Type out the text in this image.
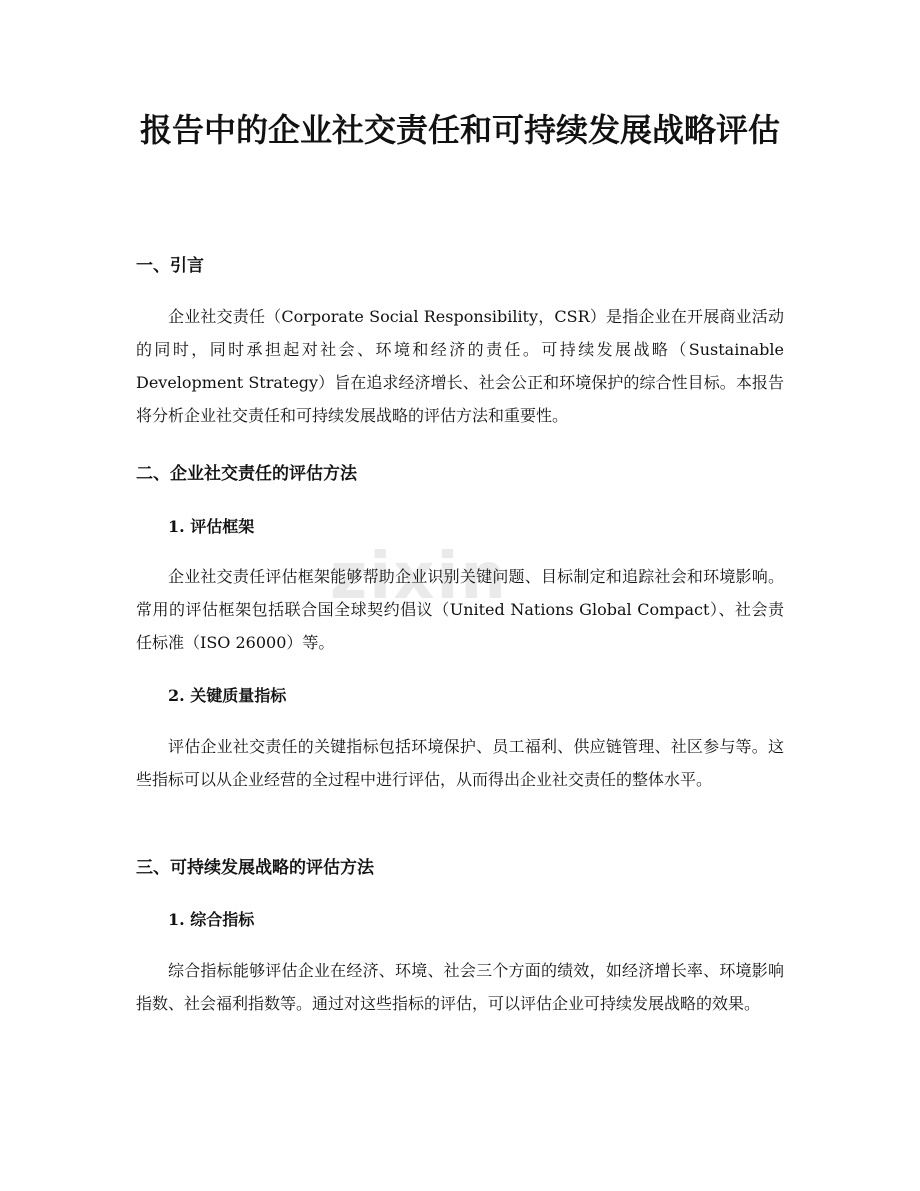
zixin
报告中的企业社交责任和可持续发展战略评估
一、引言

企业社交责任（Corporate Social Responsibility，CSR）是指企业在开展商业活动的同时，同时承担起对社会、环境和经济的责任。可持续发展战略（Sustainable Development Strategy）旨在追求经济增长、社会公正和环境保护的综合性目标。本报告将分析企业社交责任和可持续发展战略的评估方法和重要性。

二、企业社交责任的评估方法
1. 评估框架

企业社交责任评估框架能够帮助企业识别关键问题、目标制定和追踪社会和环境影响。常用的评估框架包括联合国全球契约倡议（United Nations Global Compact）、社会责任标准（ISO 26000）等。

2. 关键质量指标

评估企业社交责任的关键指标包括环境保护、员工福利、供应链管理、社区参与等。这些指标可以从企业经营的全过程中进行评估，从而得出企业社交责任的整体水平。

三、可持续发展战略的评估方法
1. 综合指标

综合指标能够评估企业在经济、环境、社会三个方面的绩效，如经济增长率、环境影响指数、社会福利指数等。通过对这些指标的评估，可以评估企业可持续发展战略的效果。
